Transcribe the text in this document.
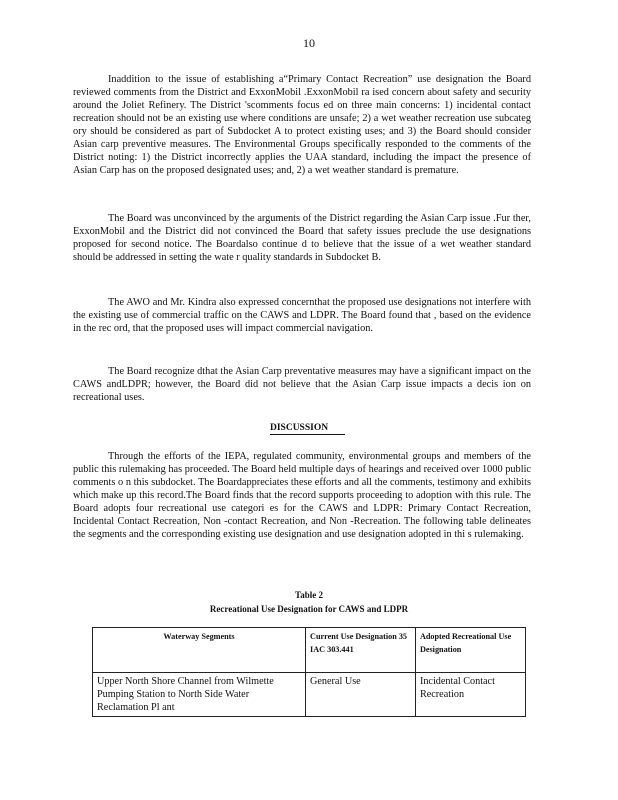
10

Inaddition to the issue of establishing a“Primary Contact Recreation” use designation the Board reviewed comments from the District and ExxonMobil .ExxonMobil ra ised concern about safety and security around the Joliet Refinery. The District 'scomments focus ed on three main concerns: 1) incidental contact recreation should not be an existing use where conditions are unsafe; 2) a wet weather recreation use subcateg ory should be considered as part of Subdocket A to protect existing uses; and 3) the Board should consider Asian carp preventive measures. The Environmental Groups specifically responded to the comments of the District noting: 1) the District incorrectly applies the UAA standard, including the impact the presence of Asian Carp has on the proposed designated uses; and, 2) a wet weather standard is premature.

The Board was unconvinced by the arguments of the District regarding the Asian Carp issue .Fur ther, ExxonMobil and the District did not convinced the Board that safety issues preclude the use designations proposed for second notice. The Boardalso continue d to believe that the issue of a wet weather standard should be addressed in setting the wate r quality standards in Subdocket B.

The AWO and Mr. Kindra also expressed concernthat the proposed use designations not interfere with the existing use of commercial traffic on the CAWS and LDPR. The Board found that , based on the evidence in the rec ord, that the proposed uses will impact commercial navigation.

The Board recognize dthat the Asian Carp preventative measures may have a significant impact on the CAWS andLDPR; however, the Board did not believe that the Asian Carp issue impacts a decis ion on recreational uses.

DISCUSSION

Through the efforts of the IEPA, regulated community, environmental groups and members of the public this rulemaking has proceeded. The Board held multiple days of hearings and received over 1000 public comments o n this subdocket. The Boardappreciates these efforts and all the comments, testimony and exhibits which make up this record.The Board finds that the record supports proceeding to adoption with this rule. The Board adopts four recreational use categori es for the CAWS and LDPR: Primary Contact Recreation, Incidental Contact Recreation, Non -contact Recreation, and Non -Recreation. The following table delineates the segments and the corresponding existing use designation and use designation adopted in thi s rulemaking.

Table 2
Recreational Use Designation for CAWS and LDPR
Waterway Segments	Current Use Designation 35 IAC 303.441	Adopted Recreational Use Designation
Upper North Shore Channel from Wilmette Pumping Station to North Side Water Reclamation Pl ant	General Use	Incidental Contact Recreation
